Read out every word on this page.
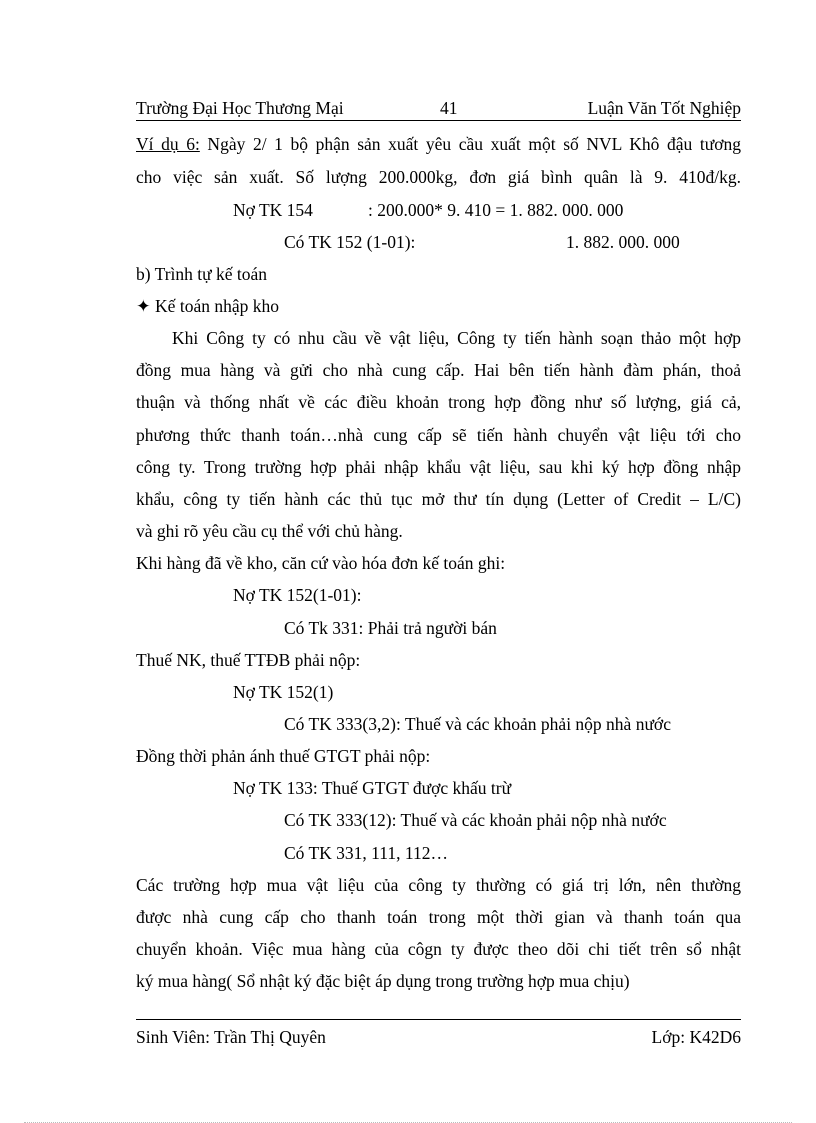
Trường Đại Học Thương Mại	41	Luận Văn Tốt Nghiệp
Ví dụ 6: Ngày 2/ 1 bộ phận sản xuất yêu cầu xuất một số NVL Khô đậu tương
cho việc sản xuất. Số lượng 200.000kg, đơn giá bình quân là 9. 410đ/kg.
Nợ TK 154	: 200.000* 9. 410 = 1. 882. 000. 000
Có TK 152 (1-01):	1. 882. 000. 000
b) Trình tự kế toán
✦ Kế toán nhập kho
Khi Công ty có nhu cầu về vật liệu, Công ty tiến hành soạn thảo một hợp
đồng mua hàng và gửi cho nhà cung cấp. Hai bên tiến hành đàm phán, thoả
thuận và thống nhất về các điều khoản trong hợp đồng như số lượng, giá cả,
phương thức thanh toán…nhà cung cấp sẽ tiến hành chuyển vật liệu tới cho
công ty. Trong trường hợp phải nhập khẩu vật liệu, sau khi ký hợp đồng nhập
khẩu, công ty tiến hành các thủ tục mở thư tín dụng (Letter of Credit – L/C)
và ghi rõ yêu cầu cụ thể với chủ hàng.
Khi hàng đã về kho, căn cứ vào hóa đơn kế toán ghi:
Nợ TK 152(1-01):
Có Tk 331: Phải trả người bán
Thuế NK, thuế TTĐB phải nộp:
Nợ TK 152(1)
Có TK 333(3,2): Thuế và các khoản phải nộp nhà nước
Đồng thời phản ánh thuế GTGT phải nộp:
Nợ TK 133: Thuế GTGT được khấu trừ
Có TK 333(12): Thuế và các khoản phải nộp nhà nước
Có TK 331, 111, 112…
Các trường hợp mua vật liệu của công ty thường có giá trị lớn, nên thường
được nhà cung cấp cho thanh toán trong một thời gian và thanh toán qua
chuyển khoản. Việc mua hàng của côgn ty được theo dõi chi tiết trên sổ nhật
ký mua hàng( Sổ nhật ký đặc biệt áp dụng trong trường hợp mua chịu)
Sinh Viên: Trần Thị Quyên	Lớp: K42D6
